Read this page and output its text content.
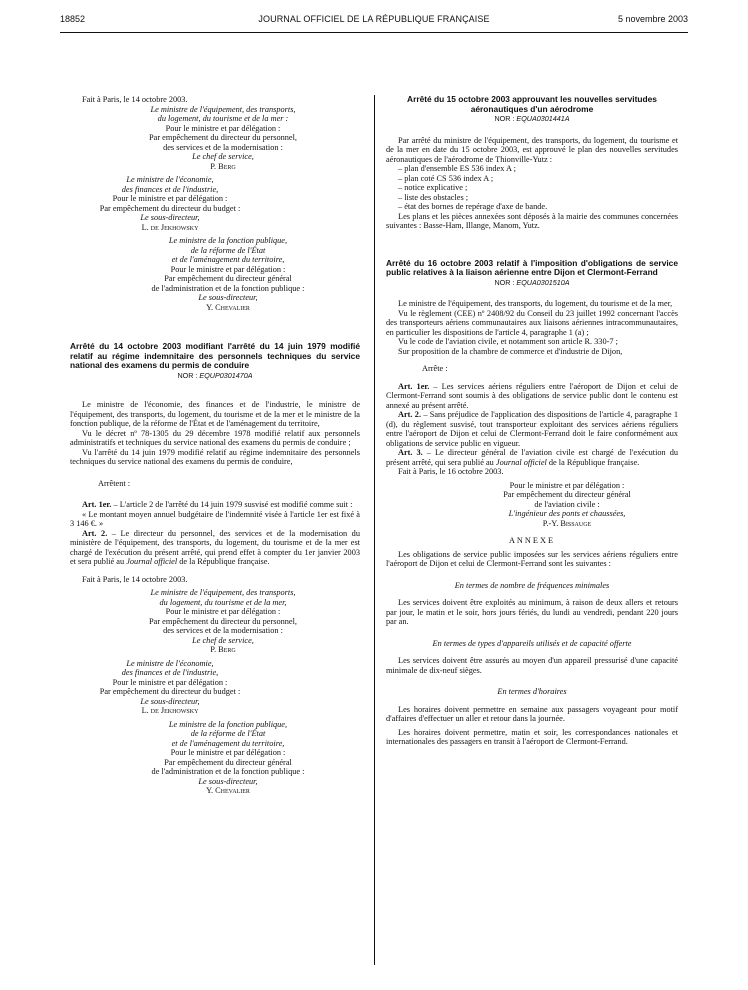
18852	JOURNAL OFFICIEL DE LA RÉPUBLIQUE FRANÇAISE	5 novembre 2003

Fait à Paris, le 14 octobre 2003.

Le ministre de l'équipement, des transports,

du logement, du tourisme et de la mer :

Pour le ministre et par délégation :

Par empêchement du directeur du personnel,

des services et de la modernisation :

Le chef de service,

P. Berg

Le ministre de l'économie,

des finances et de l'industrie,

Pour le ministre et par délégation :

Par empêchement du directeur du budget :

Le sous-directeur,

L. de Jekhowsky

Le ministre de la fonction publique,

de la réforme de l'État

et de l'aménagement du territoire,

Pour le ministre et par délégation :

Par empêchement du directeur général

de l'administration et de la fonction publique :

Le sous-directeur,

Y. Chevalier

Arrêté du 14 octobre 2003 modifiant l'arrêté du 14 juin 1979 modifié relatif au régime indemnitaire des personnels techniques du service national des examens du permis de conduire

NOR : EQUP0301470A

Le ministre de l'économie, des finances et de l'industrie, le ministre de l'équipement, des transports, du logement, du tourisme et de la mer et le ministre de la fonction publique, de la réforme de l'État et de l'aménagement du territoire,

Vu le décret nº 78-1305 du 29 décembre 1978 modifié relatif aux personnels administratifs et techniques du service national des examens du permis de conduire ;

Vu l'arrêté du 14 juin 1979 modifié relatif au régime indemnitaire des personnels techniques du service national des examens du permis de conduire,

Arrêtent :

Art. 1er. – L'article 2 de l'arrêté du 14 juin 1979 susvisé est modifié comme suit :

« Le montant moyen annuel budgétaire de l'indemnité visée à l'article 1er est fixé à 3 146 €. »

Art. 2. – Le directeur du personnel, des services et de la modernisation du ministère de l'équipement, des transports, du logement, du tourisme et de la mer est chargé de l'exécution du présent arrêté, qui prend effet à compter du 1er janvier 2003 et sera publié au Journal officiel de la République française.

Fait à Paris, le 14 octobre 2003.

Le ministre de l'équipement, des transports,

du logement, du tourisme et de la mer,

Pour le ministre et par délégation :

Par empêchement du directeur du personnel,

des services et de la modernisation :

Le chef de service,

P. Berg

Le ministre de l'économie,

des finances et de l'industrie,

Pour le ministre et par délégation :

Par empêchement du directeur du budget :

Le sous-directeur,

L. de Jekhowsky

Le ministre de la fonction publique,

de la réforme de l'État

et de l'aménagement du territoire,

Pour le ministre et par délégation :

Par empêchement du directeur général

de l'administration et de la fonction publique :

Le sous-directeur,

Y. Chevalier

Arrêté du 15 octobre 2003 approuvant les nouvelles servitudes aéronautiques d'un aérodrome

NOR : EQUA0301441A

Par arrêté du ministre de l'équipement, des transports, du logement, du tourisme et de la mer en date du 15 octobre 2003, est approuvé le plan des nouvelles servitudes aéronautiques de l'aérodrome de Thionville-Yutz :

– plan d'ensemble ES 536 index A ;

– plan coté CS 536 index A ;

– notice explicative ;

– liste des obstacles ;

– état des bornes de repérage d'axe de bande.

Les plans et les pièces annexées sont déposés à la mairie des communes concernées suivantes : Basse-Ham, Illange, Manom, Yutz.

Arrêté du 16 octobre 2003 relatif à l'imposition d'obligations de service public relatives à la liaison aérienne entre Dijon et Clermont-Ferrand

NOR : EQUA0301510A

Le ministre de l'équipement, des transports, du logement, du tourisme et de la mer,

Vu le règlement (CEE) nº 2408/92 du Conseil du 23 juillet 1992 concernant l'accès des transporteurs aériens communautaires aux liaisons aériennes intracommunautaires, en particulier les dispositions de l'article 4, paragraphe 1 (a) ;

Vu le code de l'aviation civile, et notamment son article R. 330-7 ;

Sur proposition de la chambre de commerce et d'industrie de Dijon,

Arrête :

Art. 1er. – Les services aériens réguliers entre l'aéroport de Dijon et celui de Clermont-Ferrand sont soumis à des obligations de service public dont le contenu est annexé au présent arrêté.

Art. 2. – Sans préjudice de l'application des dispositions de l'article 4, paragraphe 1 (d), du règlement susvisé, tout transporteur exploitant des services aériens réguliers entre l'aéroport de Dijon et celui de Clermont-Ferrand doit le faire conformément aux obligations de service public en vigueur.

Art. 3. – Le directeur général de l'aviation civile est chargé de l'exécution du présent arrêté, qui sera publié au Journal officiel de la République française.

Fait à Paris, le 16 octobre 2003.

Pour le ministre et par délégation :

Par empêchement du directeur général

de l'aviation civile :

L'ingénieur des ponts et chaussées,

P.-Y. Bissauge

ANNEXE

Les obligations de service public imposées sur les services aériens réguliers entre l'aéroport de Dijon et celui de Clermont-Ferrand sont les suivantes :

En termes de nombre de fréquences minimales

Les services doivent être exploités au minimum, à raison de deux allers et retours par jour, le matin et le soir, hors jours fériés, du lundi au vendredi, pendant 220 jours par an.

En termes de types d'appareils utilisés et de capacité offerte

Les services doivent être assurés au moyen d'un appareil pressurisé d'une capacité minimale de dix-neuf sièges.

En termes d'horaires

Les horaires doivent permettre en semaine aux passagers voyageant pour motif d'affaires d'effectuer un aller et retour dans la journée.

Les horaires doivent permettre, matin et soir, les correspondances nationales et internationales des passagers en transit à l'aéroport de Clermont-Ferrand.
